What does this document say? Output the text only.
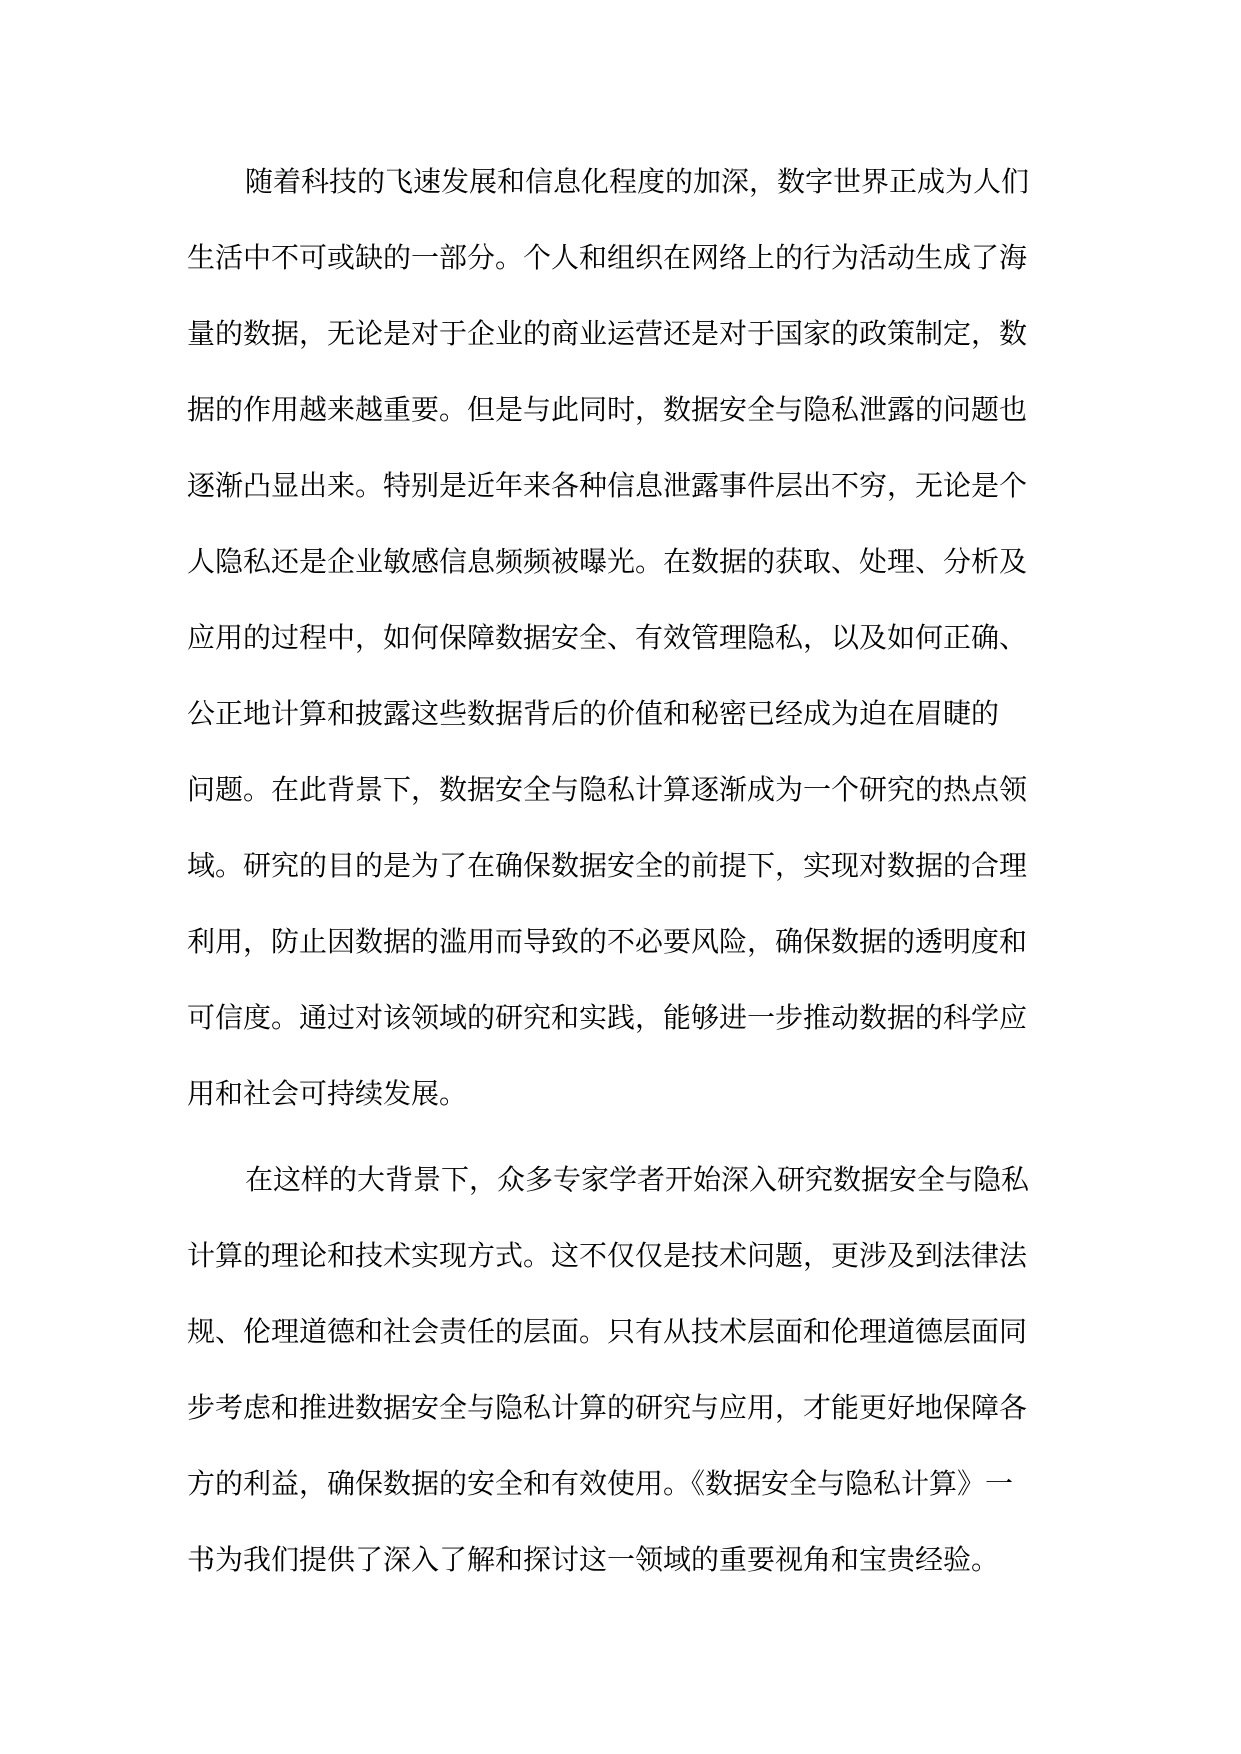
随着科技的飞速发展和信息化程度的加深，数字世界正成为人们
生活中不可或缺的一部分。个人和组织在网络上的行为活动生成了海
量的数据，无论是对于企业的商业运营还是对于国家的政策制定，数
据的作用越来越重要。但是与此同时，数据安全与隐私泄露的问题也
逐渐凸显出来。特别是近年来各种信息泄露事件层出不穷，无论是个
人隐私还是企业敏感信息频频被曝光。在数据的获取、处理、分析及
应用的过程中，如何保障数据安全、有效管理隐私，以及如何正确、
公正地计算和披露这些数据背后的价值和秘密已经成为迫在眉睫的
问题。在此背景下，数据安全与隐私计算逐渐成为一个研究的热点领
域。研究的目的是为了在确保数据安全的前提下，实现对数据的合理
利用，防止因数据的滥用而导致的不必要风险，确保数据的透明度和
可信度。通过对该领域的研究和实践，能够进一步推动数据的科学应
用和社会可持续发展。
在这样的大背景下，众多专家学者开始深入研究数据安全与隐私
计算的理论和技术实现方式。这不仅仅是技术问题，更涉及到法律法
规、伦理道德和社会责任的层面。只有从技术层面和伦理道德层面同
步考虑和推进数据安全与隐私计算的研究与应用，才能更好地保障各
方的利益，确保数据的安全和有效使用。《数据安全与隐私计算》一
书为我们提供了深入了解和探讨这一领域的重要视角和宝贵经验。
